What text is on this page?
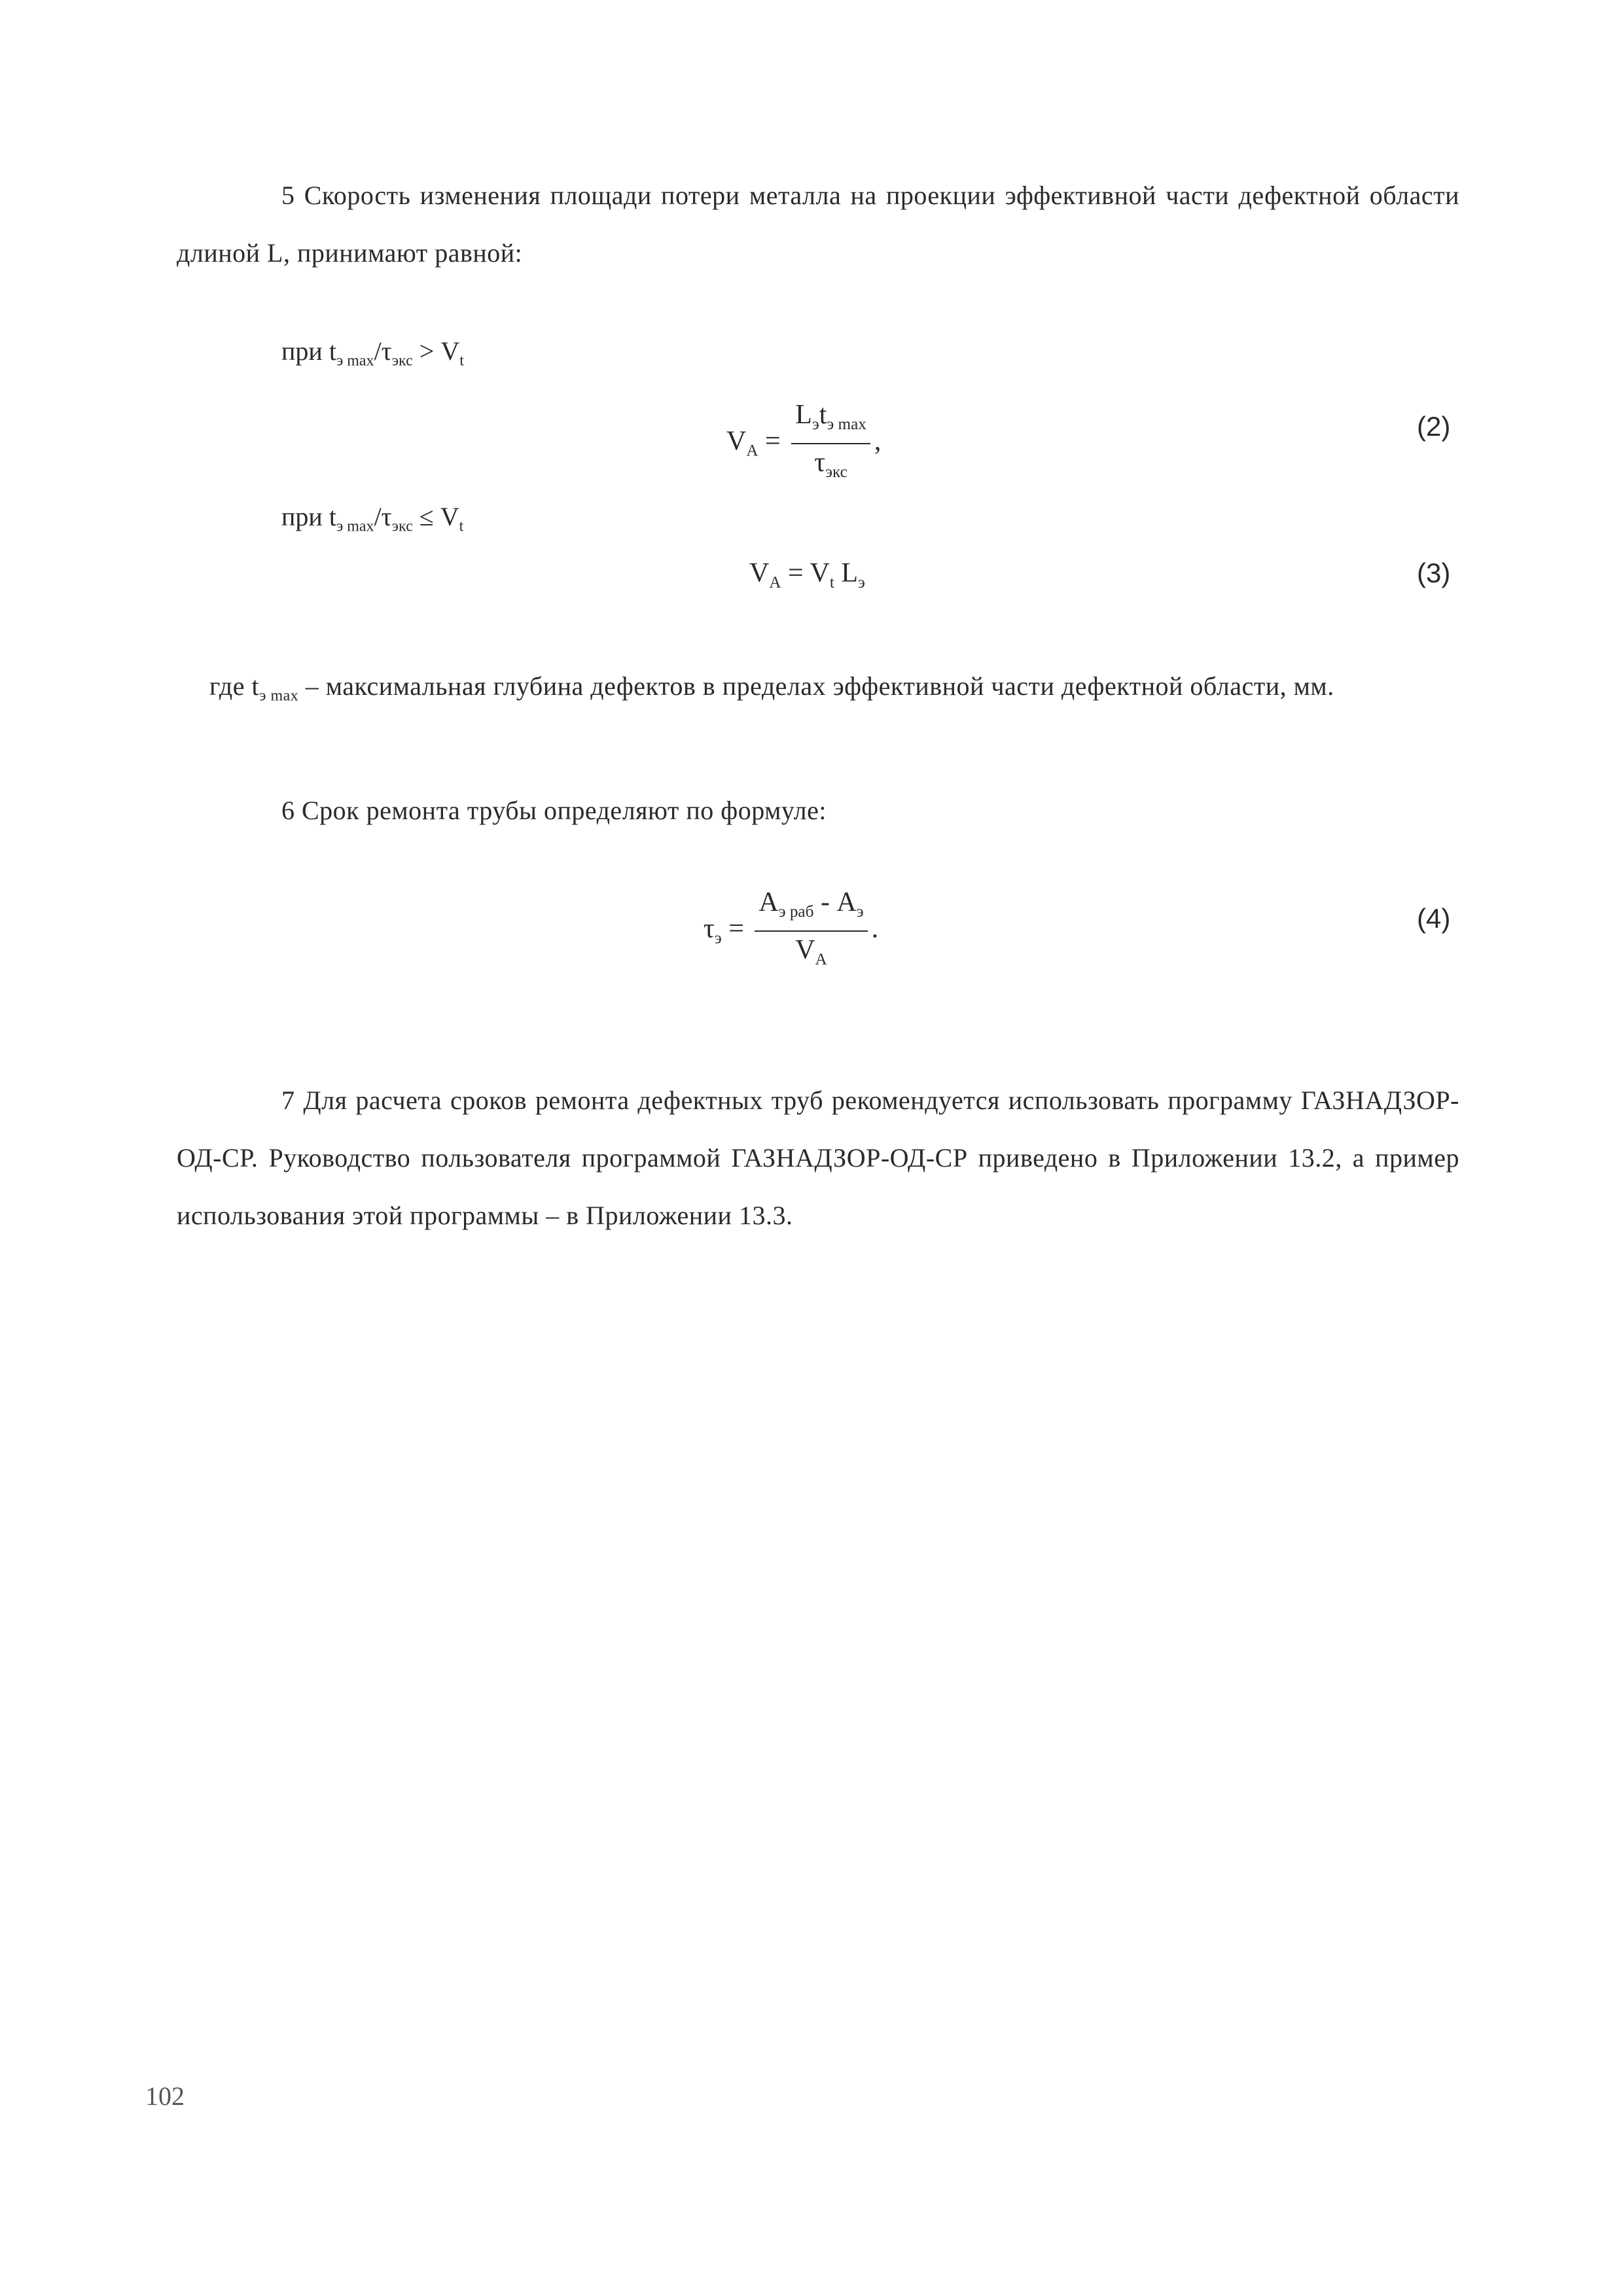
5 Скорость изменения площади потери металла на проекции эффективной части дефектной области длиной L, принимают равной:

при $t_{э max}/\tau_{экс} > V_t$
$V_A = \frac{L_эt_{э max}}{\tau_{экс}}$ ,	(2)
при $t_{э max}/\tau_{экс} \le V_t$
$V_A = V_t$ $L_э$	(3)

где $t_{э max}$ – максимальная глубина дефектов в пределах эффективной части дефектной области, мм.

6 Срок ремонта трубы определяют по формуле:

$\tau_э = \frac{A_{э раб} - A_э}{V_A}$ .	(4)

7 Для расчета сроков ремонта дефектных труб рекомендуется использовать программу ГАЗНАДЗОР-ОД-СР. Руководство пользователя программой ГАЗНАДЗОР-ОД-СР приведено в Приложении 13.2, а пример использования этой программы – в Приложении 13.3.

102
